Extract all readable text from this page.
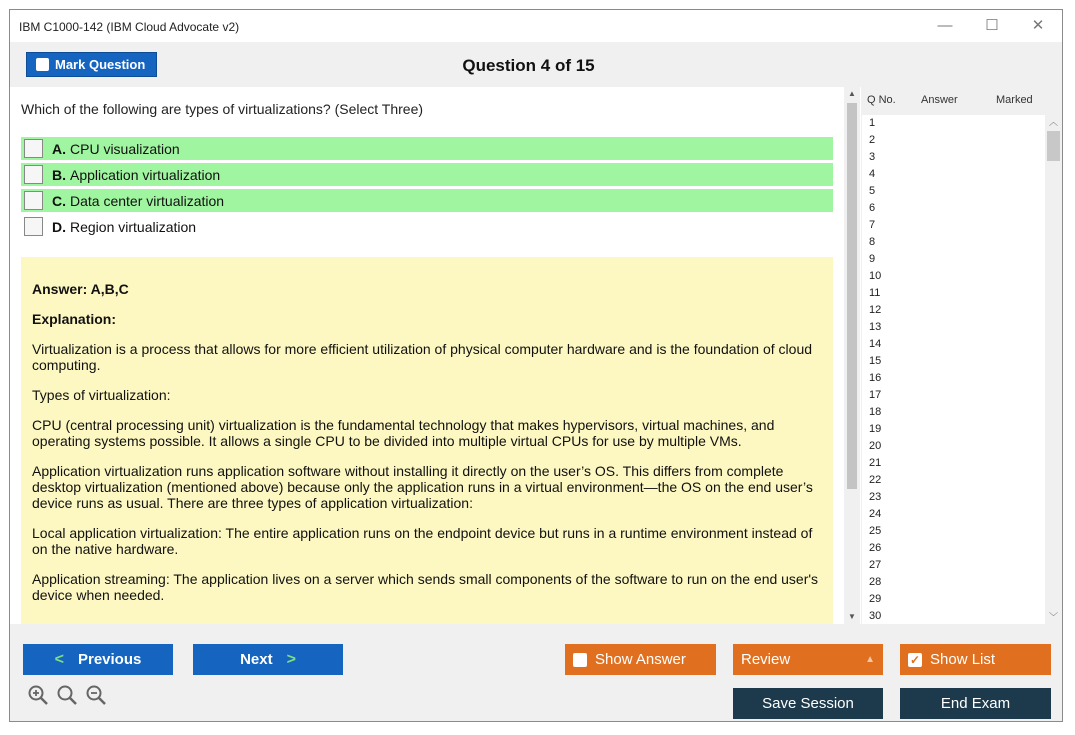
IBM C1000-142 (IBM Cloud Advocate v2)	—	☐	✕
Mark Question	Question 4 of 15
Which of the following are types of virtualizations? (Select Three)
A. CPU visualization
B. Application virtualization
C. Data center virtualization
D. Region virtualization

Answer: A,B,C

Explanation:

Virtualization is a process that allows for more efficient utilization of physical computer hardware and is the foundation of cloud computing.

Types of virtualization:

CPU (central processing unit) virtualization is the fundamental technology that makes hypervisors, virtual machines, and operating systems possible. It allows a single CPU to be divided into multiple virtual CPUs for use by multiple VMs.

Application virtualization runs application software without installing it directly on the user’s OS. This differs from complete desktop virtualization (mentioned above) because only the application runs in a virtual environment—the OS on the end user’s device runs as usual. There are three types of application virtualization:

Local application virtualization: The entire application runs on the endpoint device but runs in a runtime environment instead of on the native hardware.

Application streaming: The application lives on a server which sends small components of the software to run on the end user's device when needed.

▲
▼
Q No. Answer	Marked
1
2
3
4
5
6
7
8
9
10
11
12
13
14
15
16
17
18
19
20
21
22
23
24
25
26
27
28
29
30
︿
﹀
< Previous	Next >	Show Answer	Review	▲	✓ Show List
Save Session	End Exam
